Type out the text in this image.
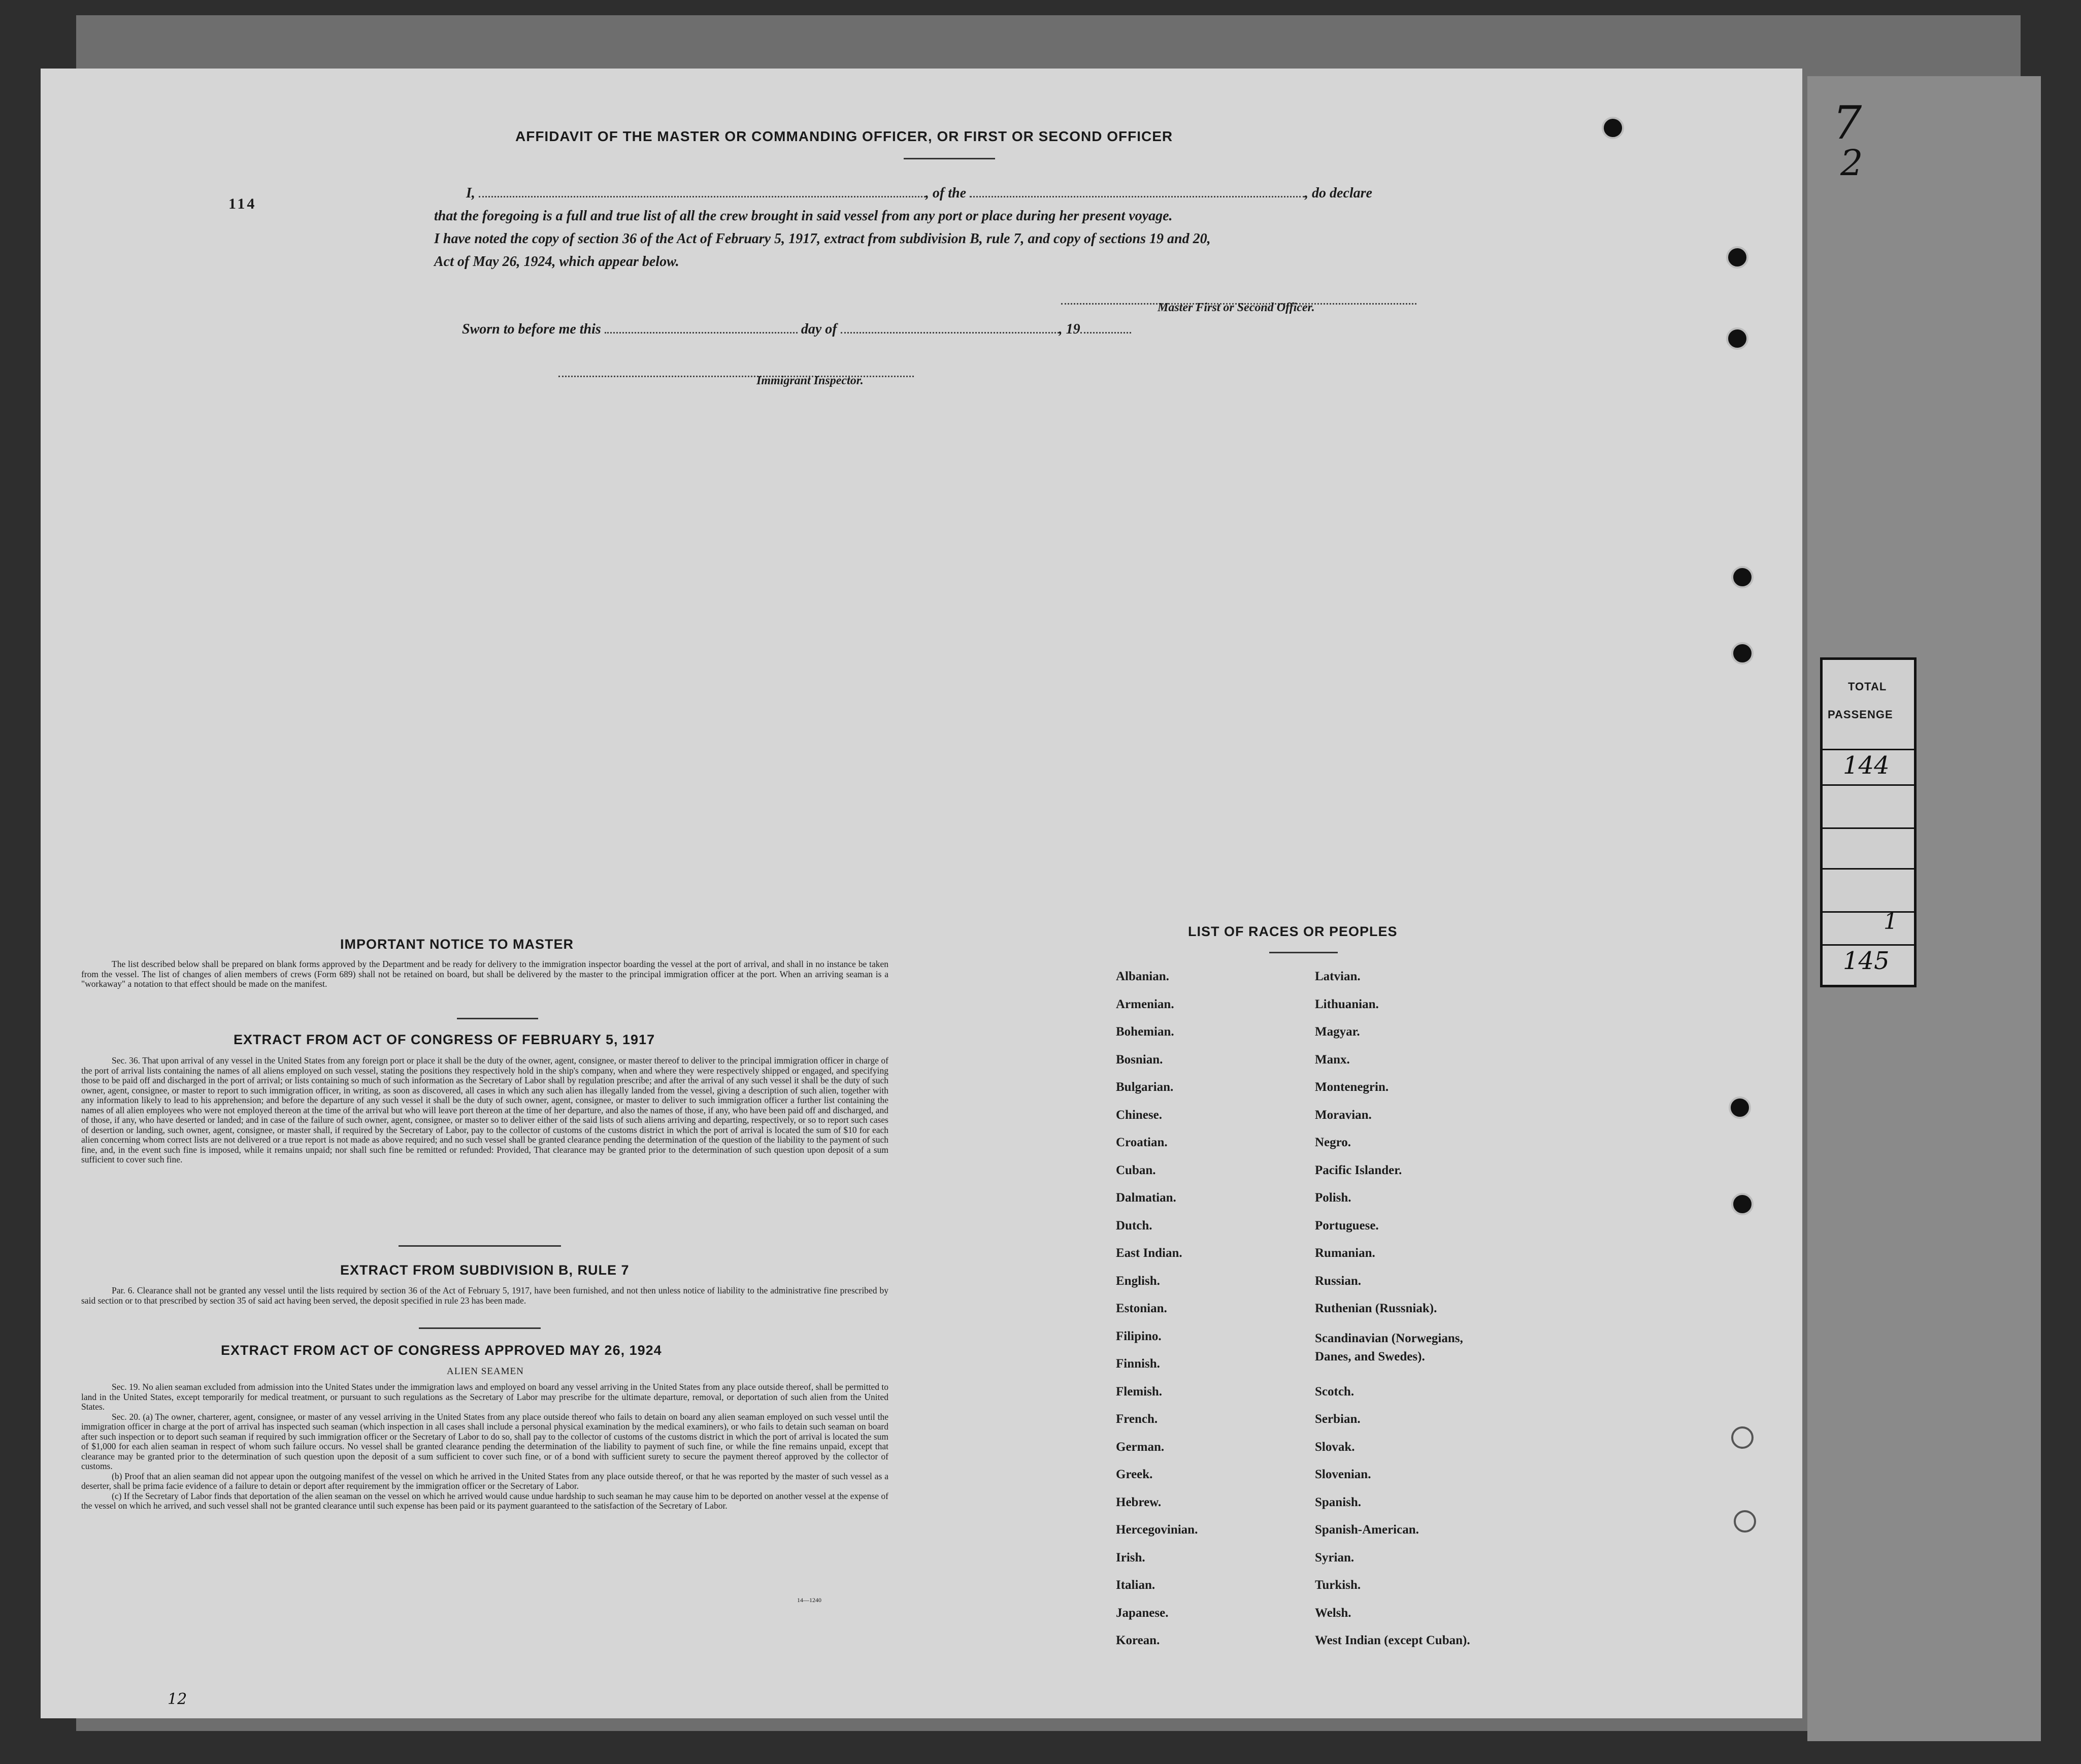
AFFIDAVIT OF THE MASTER OR COMMANDING OFFICER, OR FIRST OR SECOND OFFICER
114
I,	, of the	, do declare
that the foregoing is a full and true list of all the crew brought in said vessel from any port or place during her present voyage.
I have noted the copy of section 36 of the Act of February 5, 1917, extract from subdivision B, rule 7, and copy of sections 19 and 20,
Act of May 26, 1924, which appear below.
Master First or Second Officer.
Sworn to before me this	day of	, 19
Immigrant Inspector.
IMPORTANT NOTICE TO MASTER
The list described below shall be prepared on blank forms approved by the Department and be ready for delivery to the immigration inspector boarding the vessel at the port of arrival, and shall in no instance be taken from the vessel. The list of changes of alien members of crews (Form 689) shall not be retained on board, but shall be delivered by the master to the principal immigration officer at the port. When an arriving seaman is a "workaway" a notation to that effect should be made on the manifest.
EXTRACT FROM ACT OF CONGRESS OF FEBRUARY 5, 1917
Sec. 36. That upon arrival of any vessel in the United States from any foreign port or place it shall be the duty of the owner, agent, consignee, or master thereof to deliver to the principal immigration officer in charge of the port of arrival lists containing the names of all aliens employed on such vessel, stating the positions they respectively hold in the ship's company, when and where they were respectively shipped or engaged, and specifying those to be paid off and discharged in the port of arrival; or lists containing so much of such information as the Secretary of Labor shall by regulation prescribe; and after the arrival of any such vessel it shall be the duty of such owner, agent, consignee, or master to report to such immigration officer, in writing, as soon as discovered, all cases in which any such alien has illegally landed from the vessel, giving a description of such alien, together with any information likely to lead to his apprehension; and before the departure of any such vessel it shall be the duty of such owner, agent, consignee, or master to deliver to such immigration officer a further list containing the names of all alien employees who were not employed thereon at the time of the arrival but who will leave port thereon at the time of her departure, and also the names of those, if any, who have been paid off and discharged, and of those, if any, who have deserted or landed; and in case of the failure of such owner, agent, consignee, or master so to deliver either of the said lists of such aliens arriving and departing, respectively, or so to report such cases of desertion or landing, such owner, agent, consignee, or master shall, if required by the Secretary of Labor, pay to the collector of customs of the customs district in which the port of arrival is located the sum of $10 for each alien concerning whom correct lists are not delivered or a true report is not made as above required; and no such vessel shall be granted clearance pending the determination of the question of the liability to the payment of such fine, and, in the event such fine is imposed, while it remains unpaid; nor shall such fine be remitted or refunded: Provided, That clearance may be granted prior to the determination of such question upon deposit of a sum sufficient to cover such fine.
EXTRACT FROM SUBDIVISION B, RULE 7
Par. 6. Clearance shall not be granted any vessel until the lists required by section 36 of the Act of February 5, 1917, have been furnished, and not then unless notice of liability to the administrative fine prescribed by said section or to that prescribed by section 35 of said act having been served, the deposit specified in rule 23 has been made.
EXTRACT FROM ACT OF CONGRESS APPROVED MAY 26, 1924
ALIEN SEAMEN
Sec. 19. No alien seaman excluded from admission into the United States under the immigration laws and employed on board any vessel arriving in the United States from any place outside thereof, shall be permitted to land in the United States, except temporarily for medical treatment, or pursuant to such regulations as the Secretary of Labor may prescribe for the ultimate departure, removal, or deportation of such alien from the United States.
Sec. 20. (a) The owner, charterer, agent, consignee, or master of any vessel arriving in the United States from any place outside thereof who fails to detain on board any alien seaman employed on such vessel until the immigration officer in charge at the port of arrival has inspected such seaman (which inspection in all cases shall include a personal physical examination by the medical examiners), or who fails to detain such seaman on board after such inspection or to deport such seaman if required by such immigration officer or the Secretary of Labor to do so, shall pay to the collector of customs of the customs district in which the port of arrival is located the sum of $1,000 for each alien seaman in respect of whom such failure occurs. No vessel shall be granted clearance pending the determination of the liability to payment of such fine, or while the fine remains unpaid, except that clearance may be granted prior to the determination of such question upon the deposit of a sum sufficient to cover such fine, or of a bond with sufficient surety to secure the payment thereof approved by the collector of customs.
(b) Proof that an alien seaman did not appear upon the outgoing manifest of the vessel on which he arrived in the United States from any place outside thereof, or that he was reported by the master of such vessel as a deserter, shall be prima facie evidence of a failure to detain or deport after requirement by the immigration officer or the Secretary of Labor.
(c) If the Secretary of Labor finds that deportation of the alien seaman on the vessel on which he arrived would cause undue hardship to such seaman he may cause him to be deported on another vessel at the expense of the vessel on which he arrived, and such vessel shall not be granted clearance until such expense has been paid or its payment guaranteed to the satisfaction of the Secretary of Labor.
14—1240
LIST OF RACES OR PEOPLES
Albanian.
Armenian.
Bohemian.
Bosnian.
Bulgarian.
Chinese.
Croatian.
Cuban.
Dalmatian.
Dutch.
East Indian.
English.
Estonian.
Filipino.
Finnish.
Flemish.
French.
German.
Greek.
Hebrew.
Hercegovinian.
Irish.
Italian.
Japanese.
Korean.
Latvian.
Lithuanian.
Magyar.
Manx.
Montenegrin.
Moravian.
Negro.
Pacific Islander.
Polish.
Portuguese.
Rumanian.
Russian.
Ruthenian (Russniak).
Scandinavian (Norwegians, Danes, and Swedes).
Scotch.
Serbian.
Slovak.
Slovenian.
Spanish.
Spanish-American.
Syrian.
Turkish.
Welsh.
West Indian (except Cuban).
12
TOTAL
PASSENGE
144
1
145
7
2
